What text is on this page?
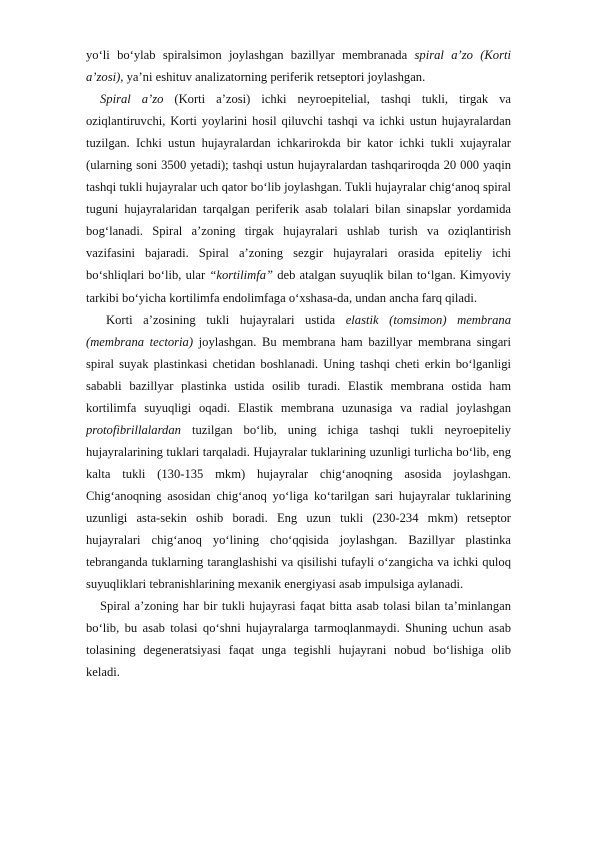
yo‘li bo‘ylab spiralsimon joylashgan bazillyar membranada spiral a’zo (Korti a’zosi), ya’ni eshituv analizatorning periferik retseptori joylashgan.

Spiral a’zo (Korti a’zosi) ichki neyroepitelial, tashqi tukli, tirgak va oziqlantiruvchi, Korti yoylarini hosil qiluvchi tashqi va ichki ustun hujayralardan tuzilgan. Ichki ustun hujayralardan ichkarirokda bir kator ichki tukli xujayralar (ularning soni 3500 yetadi); tashqi ustun hujayralardan tashqariroqda 20 000 yaqin tashqi tukli hujayralar uch qator bo‘lib joylashgan. Tukli hujayralar chig‘anoq spiral tuguni hujayralaridan tarqalgan periferik asab tolalari bilan sinapslar yordamida bog‘lanadi. Spiral a’zoning tirgak hujayralari ushlab turish va oziqlantirish vazifasini bajaradi. Spiral a’zoning sezgir hujayralari orasida epiteliy ichi bo‘shliqlari bo‘lib, ular “kortilimfa” deb atalgan suyuqlik bilan to‘lgan. Kimyoviy tarkibi bo‘yicha kortilimfa endolimfaga o‘xshasa-da, undan ancha farq qiladi.

Korti a’zosining tukli hujayralari ustida elastik (tomsimon) membrana (membrana tectoria) joylashgan. Bu membrana ham bazillyar membrana singari spiral suyak plastinkasi chetidan boshlanadi. Uning tashqi cheti erkin bo‘lganligi sababli bazillyar plastinka ustida osilib turadi. Elastik membrana ostida ham kortilimfa suyuqligi oqadi. Elastik membrana uzunasiga va radial joylashgan protofibrillalardan tuzilgan bo‘lib, uning ichiga tashqi tukli neyroepiteliy hujayralarining tuklari tarqaladi. Hujayralar tuklarining uzunligi turlicha bo‘lib, eng kalta tukli (130-135 mkm) hujayralar chig‘anoqning asosida joylashgan. Chig‘anoqning asosidan chig‘anoq yo‘liga ko‘tarilgan sari hujayralar tuklarining uzunligi asta-sekin oshib boradi. Eng uzun tukli (230-234 mkm) retseptor hujayralari chig‘anoq yo‘lining cho‘qqisida joylashgan. Bazillyar plastinka tebranganda tuklarning taranglashishi va qisilishi tufayli o‘zangicha va ichki quloq suyuqliklari tebranishlarining mexanik energiyasi asab impulsiga aylanadi.

Spiral a’zoning har bir tukli hujayrasi faqat bitta asab tolasi bilan ta’minlangan bo‘lib, bu asab tolasi qo‘shni hujayralarga tarmoqlanmaydi. Shuning uchun asab tolasining degeneratsiyasi faqat unga tegishli hujayrani nobud bo‘lishiga olib keladi.
